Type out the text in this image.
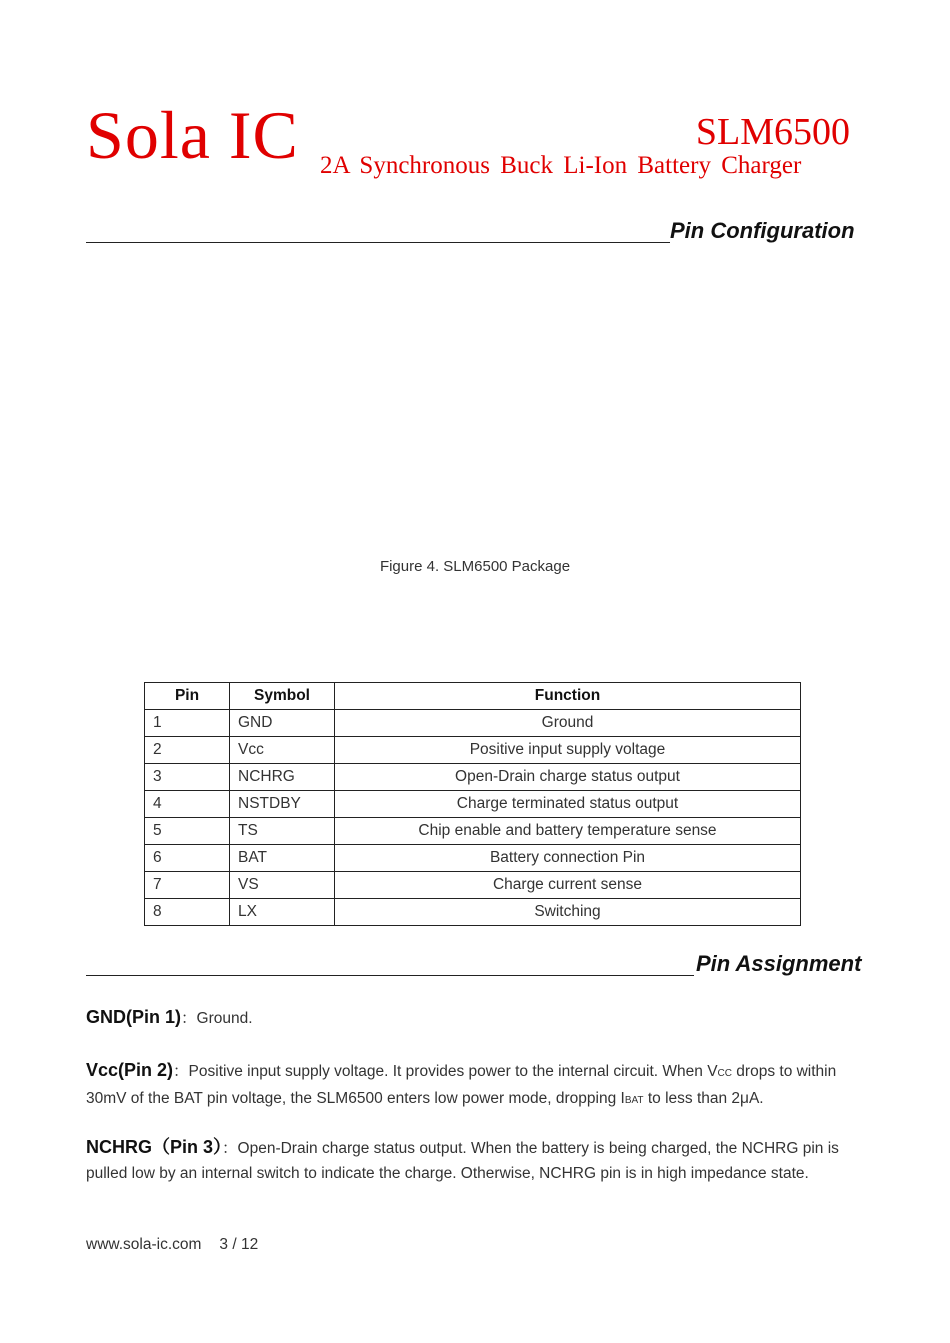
Sola IC	SLM6500
2A Synchronous Buck Li-Ion Battery Charger
Pin Configuration
Figure 4. SLM6500 Package
Pin	Symbol	Function
1	GND	Ground
2	Vcc	Positive input supply voltage
3	NCHRG	Open-Drain charge status output
4	NSTDBY	Charge terminated status output
5	TS	Chip enable and battery temperature sense
6	BAT	Battery connection Pin
7	VS	Charge current sense
8	LX	Switching
Pin Assignment
GND(Pin 1)：Ground.
Vcc(Pin 2)：Positive input supply voltage. It provides power to the internal circuit. When VCC drops to within 30mV of the BAT pin voltage, the SLM6500 enters low power mode, dropping IBAT to less than 2μA.
NCHRG（Pin 3）：Open-Drain charge status output. When the battery is being charged, the NCHRG pin is pulled low by an internal switch to indicate the charge. Otherwise, NCHRG pin is in high impedance state.
www.sola-ic.com 3 / 12
